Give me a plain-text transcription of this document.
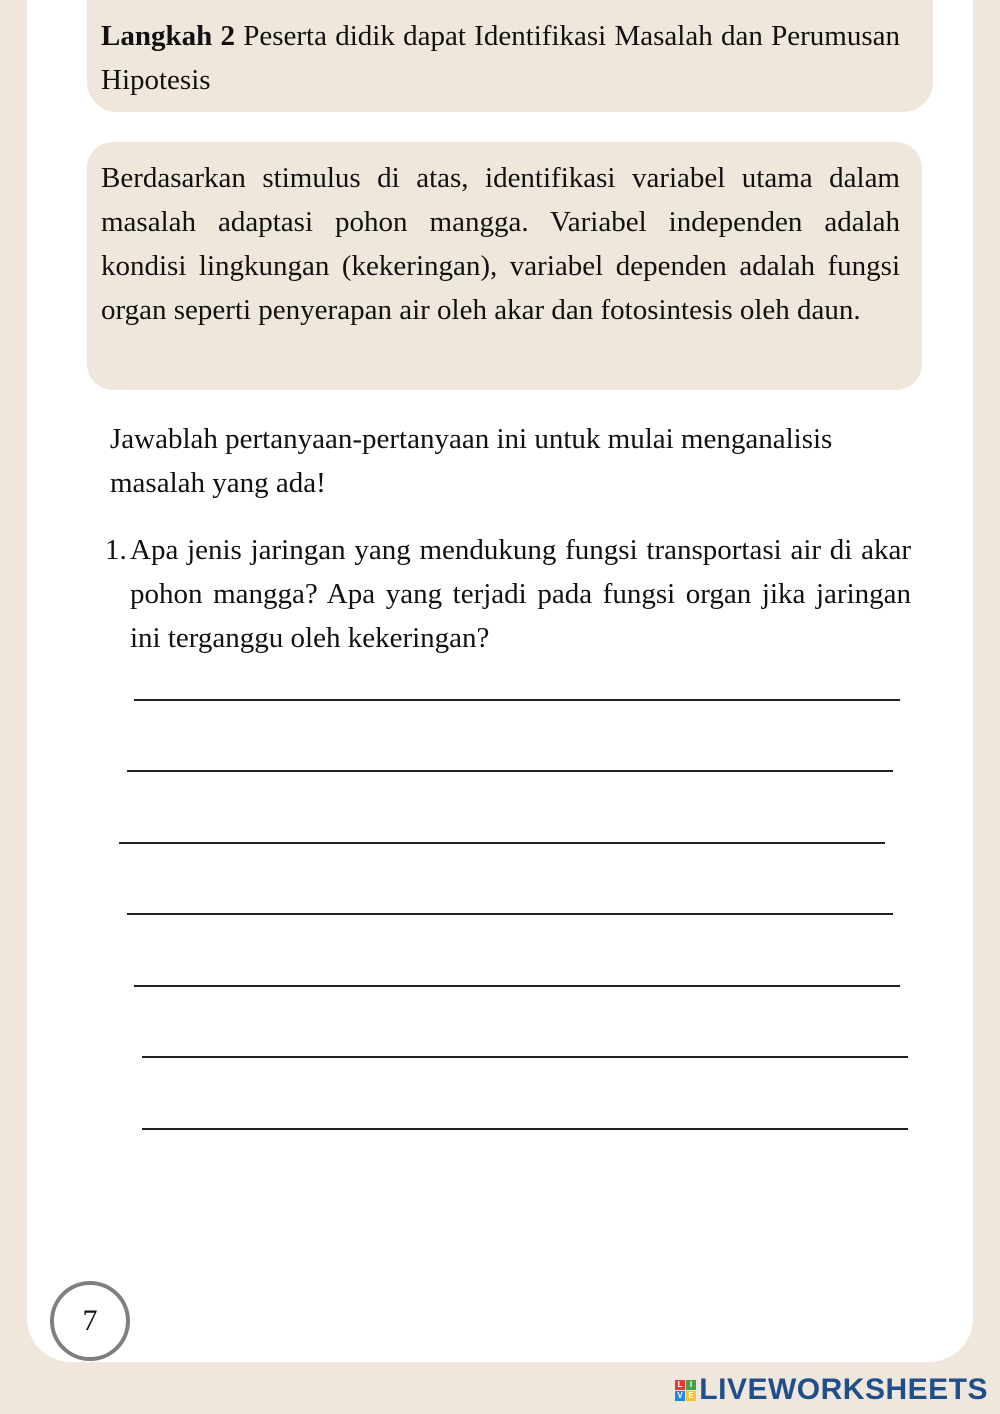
Langkah 2 Peserta didik dapat Identifikasi Masalah dan Perumusan Hipotesis

Berdasarkan stimulus di atas, identifikasi variabel utama dalam masalah adaptasi pohon mangga. Variabel independen adalah kondisi lingkungan (kekeringan), variabel dependen adalah fungsi organ seperti penyerapan air oleh akar dan fotosintesis oleh daun.

Jawablah pertanyaan-pertanyaan ini untuk mulai menganalisis masalah yang ada!

1. Apa jenis jaringan yang mendukung fungsi transportasi air di akar pohon mangga? Apa yang terjadi pada fungsi organ jika jaringan ini terganggu oleh kekeringan?
7
L I
V E LIVEWORKSHEETS
